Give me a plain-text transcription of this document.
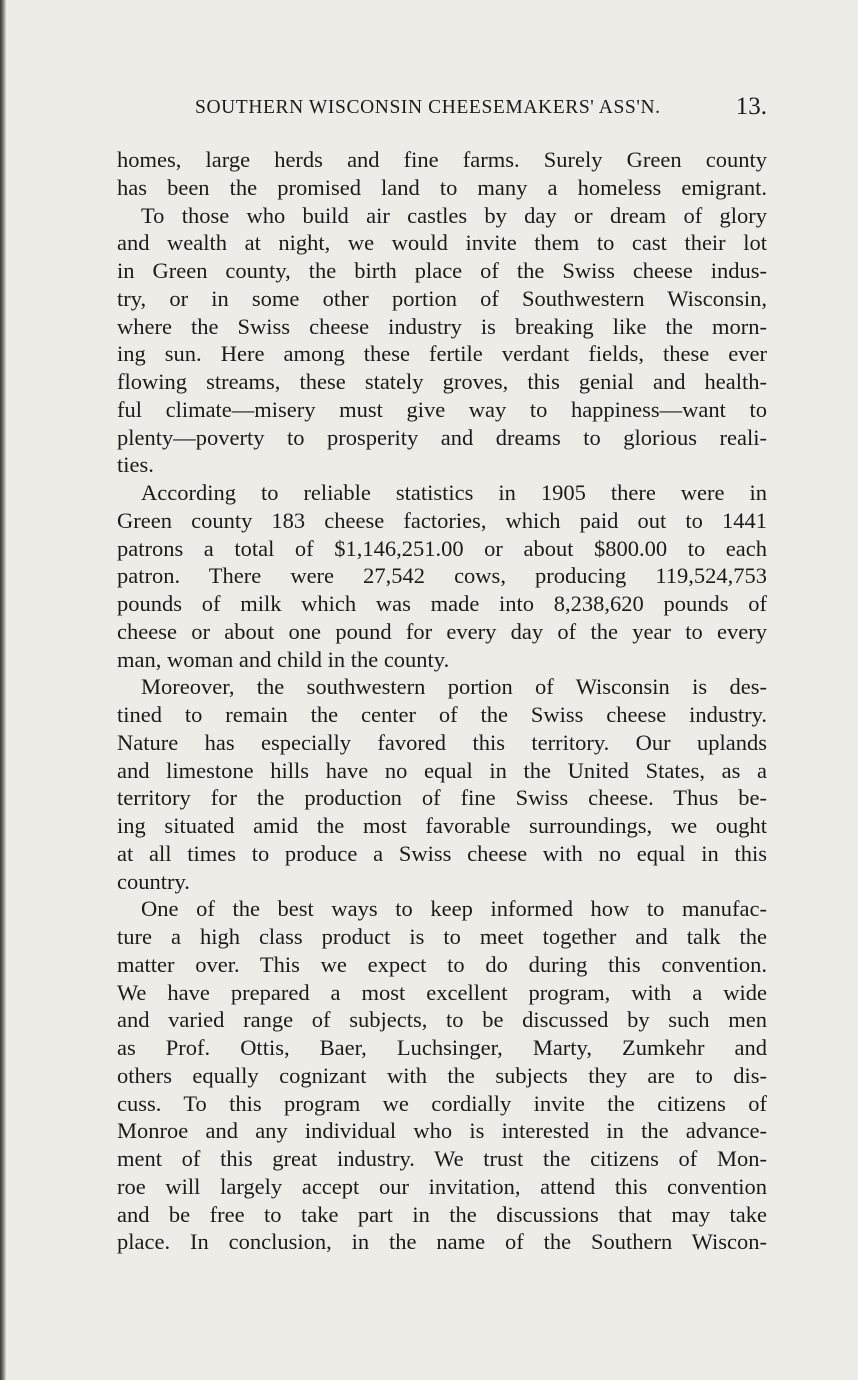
SOUTHERN WISCONSIN CHEESEMAKERS' ASS'N.	13.
homes, large herds and fine farms. Surely Green county
has been the promised land to many a homeless emigrant.
To those who build air castles by day or dream of glory
and wealth at night, we would invite them to cast their lot
in Green county, the birth place of the Swiss cheese indus-
try, or in some other portion of Southwestern Wisconsin,
where the Swiss cheese industry is breaking like the morn-
ing sun. Here among these fertile verdant fields, these ever
flowing streams, these stately groves, this genial and health-
ful climate—misery must give way to happiness—want to
plenty—poverty to prosperity and dreams to glorious reali-
ties.
According to reliable statistics in 1905 there were in
Green county 183 cheese factories, which paid out to 1441
patrons a total of $1,146,251.00 or about $800.00 to each
patron. There were 27,542 cows, producing 119,524,753
pounds of milk which was made into 8,238,620 pounds of
cheese or about one pound for every day of the year to every
man, woman and child in the county.
Moreover, the southwestern portion of Wisconsin is des-
tined to remain the center of the Swiss cheese industry.
Nature has especially favored this territory. Our uplands
and limestone hills have no equal in the United States, as a
territory for the production of fine Swiss cheese. Thus be-
ing situated amid the most favorable surroundings, we ought
at all times to produce a Swiss cheese with no equal in this
country.
One of the best ways to keep informed how to manufac-
ture a high class product is to meet together and talk the
matter over. This we expect to do during this convention.
We have prepared a most excellent program, with a wide
and varied range of subjects, to be discussed by such men
as Prof. Ottis, Baer, Luchsinger, Marty, Zumkehr and
others equally cognizant with the subjects they are to dis-
cuss. To this program we cordially invite the citizens of
Monroe and any individual who is interested in the advance-
ment of this great industry. We trust the citizens of Mon-
roe will largely accept our invitation, attend this convention
and be free to take part in the discussions that may take
place. In conclusion, in the name of the Southern Wiscon-
